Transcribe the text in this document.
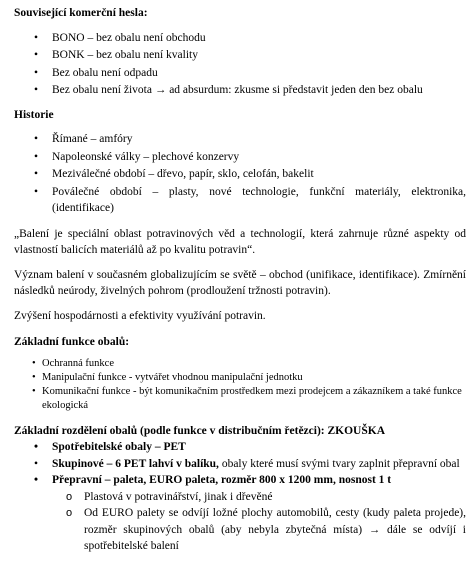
Související komerční hesla:

• BONO – bez obalu není obchodu
• BONK – bez obalu není kvality
• Bez obalu není odpadu
• Bez obalu není života → ad absurdum: zkusme si představit jeden den bez obalu

Historie

• Římané – amfóry
• Napoleonské války – plechové konzervy
• Meziválečné období – dřevo, papír, sklo, celofán, bakelit
• Poválečné období – plasty, nové technologie, funkční materiály, elektronika, (identifikace)

„Balení je speciální oblast potravinových věd a technologií, která zahrnuje různé aspekty od vlastností balicích materiálů až po kvalitu potravin“.

Význam balení v současném globalizujícím se světě – obchod (unifikace, identifikace). Zmírnění následků neúrody, živelných pohrom (prodloužení tržnosti potravin).

Zvýšení hospodárnosti a efektivity využívání potravin.

Základní funkce obalů:

• Ochranná funkce
• Manipulační funkce - vytvářet vhodnou manipulační jednotku
• Komunikační funkce - být komunikačním prostředkem mezi prodejcem a zákazníkem a také funkce ekologická

Základní rozdělení obalů (podle funkce v distribučním řetězci): ZKOUŠKA

• Spotřebitelské obaly – PET
• Skupinové – 6 PET lahví v balíku, obaly které musí svými tvary zaplnit přepravní obal
• Přepravní – paleta, EURO paleta, rozměr 800 x 1200 mm, nosnost 1 t
o Plastová v potravinářství, jinak i dřevěné
o Od EURO palety se odvíjí ložné plochy automobilů, cesty (kudy paleta projede), rozměr skupinových obalů (aby nebyla zbytečná místa) → dále se odvíjí i spotřebitelské balení
